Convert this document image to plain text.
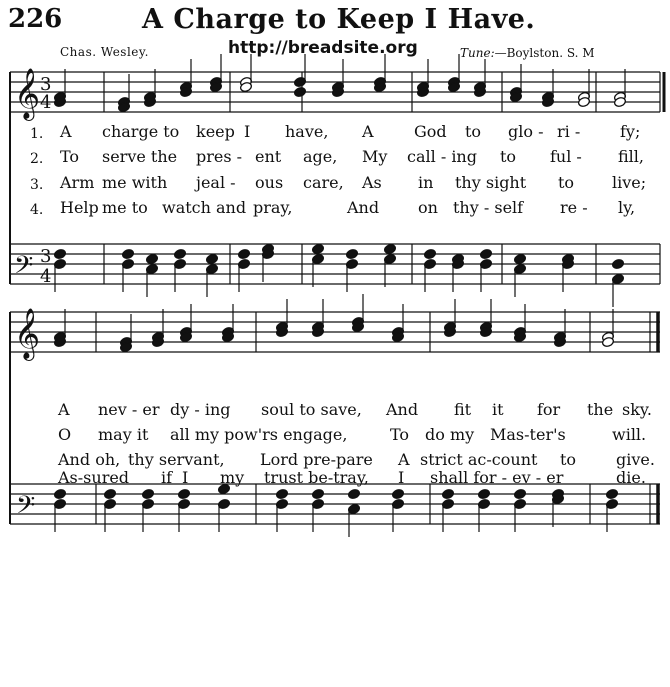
226	A Charge to Keep I Have.
Chas. Wesley.	http://breadsite.org	Tune:—Boylston. S. M
𝄞
𝄢
𝄞
𝄢
3
4
3
4
1.
2.
3.
4.
A charge to keep I have, A	God to glo - ri - fy;
To serve the pres - ent age, My call - ing to ful - fill,
Arm me with jeal - ous care, As in thy sight to live;
Help me to watch and pray,	And on thy - self re - ly,
A nev - er dy - ing soul to save, And fit it for the sky.
O may it all my pow'rs engage,	To do my Mas-ter's	will.
And oh, thy servant, Lord pre-pare A strict ac-count to give.
As-sured if I my trust be-tray, I shall for - ev - er	die.
